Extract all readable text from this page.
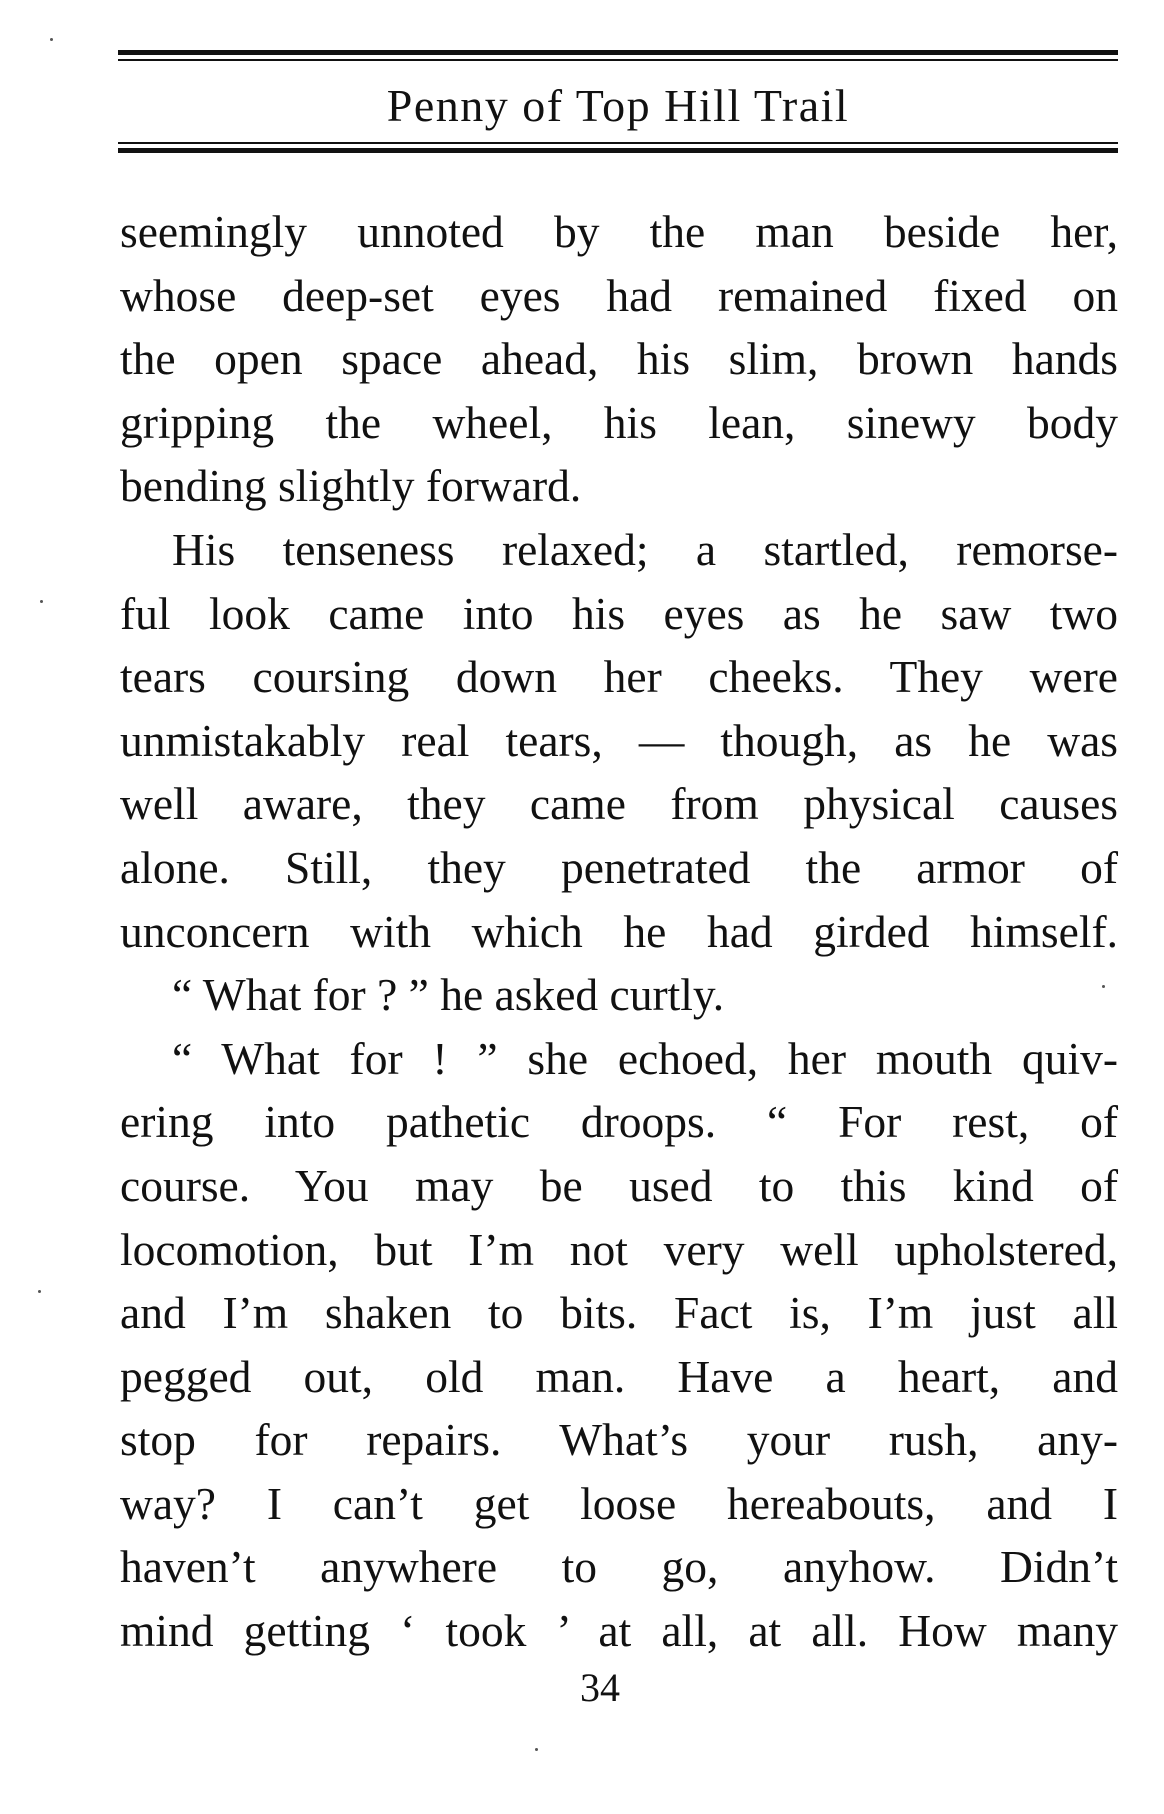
Penny of Top Hill Trail
seemingly unnoted by the man beside her,
whose deep-set eyes had remained fixed on
the open space ahead, his slim, brown hands
gripping the wheel, his lean, sinewy body
bending slightly forward.
His tenseness relaxed; a startled, remorse-
ful look came into his eyes as he saw two
tears coursing down her cheeks. They were
unmistakably real tears, — though, as he was
well aware, they came from physical causes
alone. Still, they penetrated the armor of
unconcern with which he had girded himself.
“ What for ? ” he asked curtly.
“ What for ! ” she echoed, her mouth quiv-
ering into pathetic droops. “ For rest, of
course. You may be used to this kind of
locomotion, but I’m not very well upholstered,
and I’m shaken to bits. Fact is, I’m just all
pegged out, old man. Have a heart, and
stop for repairs. What’s your rush, any-
way? I can’t get loose hereabouts, and I
haven’t anywhere to go, anyhow. Didn’t
mind getting ‘ took ’ at all, at all. How many
34
